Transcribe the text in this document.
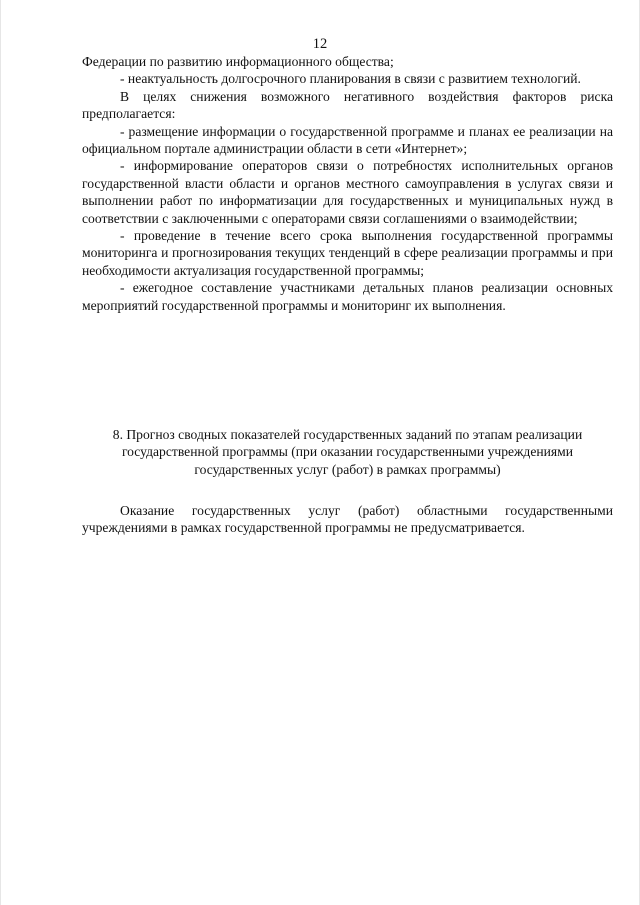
12

Федерации по развитию информационного общества;

- неактуальность долгосрочного планирования в связи с развитием технологий.

В целях снижения возможного негативного воздействия факторов риска предполагается:

- размещение информации о государственной программе и планах ее реализации на официальном портале администрации области в сети «Интернет»;

- информирование операторов связи о потребностях исполнительных органов государственной власти области и органов местного самоуправления в услугах связи и выполнении работ по информатизации для государственных и муниципальных нужд в соответствии с заключенными с операторами связи соглашениями о взаимодействии;

- проведение в течение всего срока выполнения государственной программы мониторинга и прогнозирования текущих тенденций в сфере реализации программы и при необходимости актуализация государственной программы;

- ежегодное составление участниками детальных планов реализации основных мероприятий государственной программы и мониторинг их выполнения.

8. Прогноз сводных показателей государственных заданий по этапам реализации государственной программы (при оказании государственными учреждениями государственных услуг (работ) в рамках программы)

Оказание государственных услуг (работ) областными государственными учреждениями в рамках государственной программы не предусматривается.
